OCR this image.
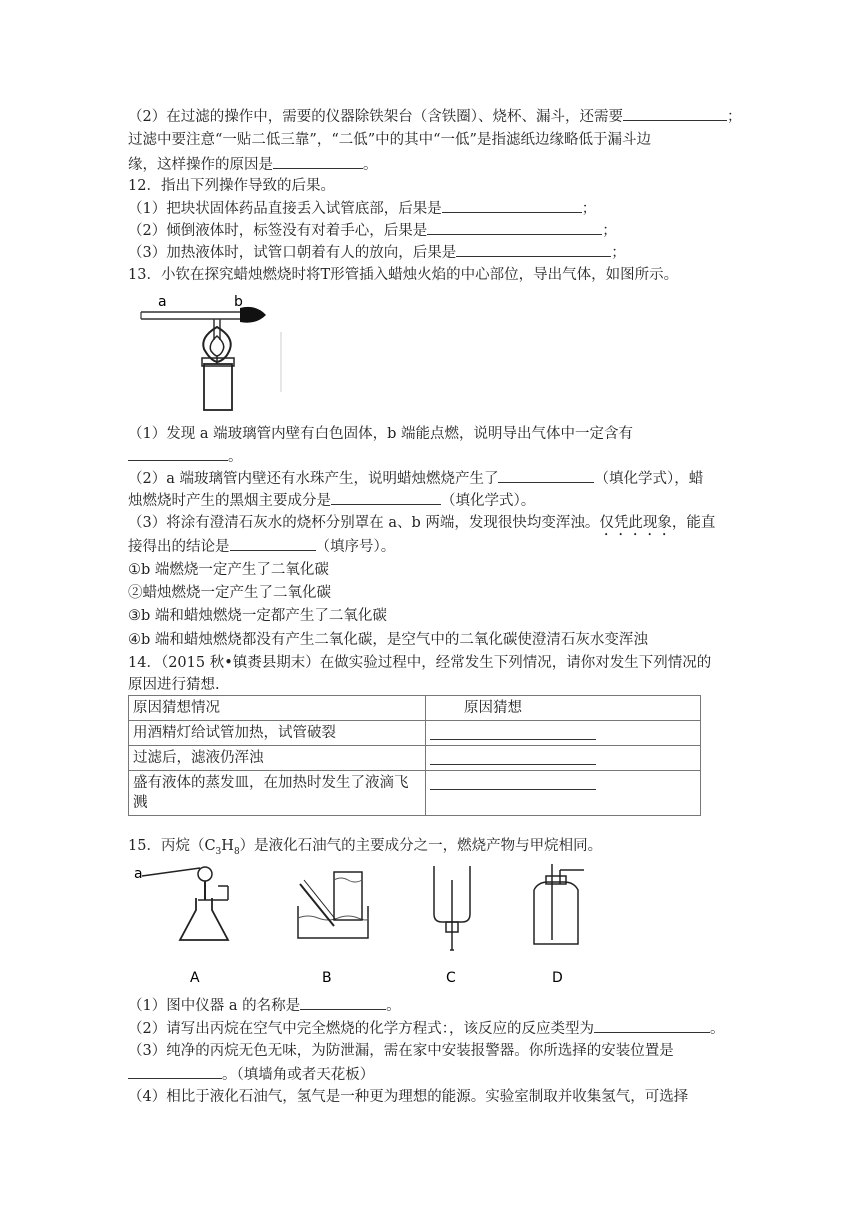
（2）在过滤的操作中，需要的仪器除铁架台（含铁圈）、烧杯、漏斗，还需要	；
过滤中要注意“一贴二低三靠”，“二低”中的其中“一低”是指滤纸边缘略低于漏斗边
缘，这样操作的原因是	。
12．指出下列操作导致的后果。
（1）把块状固体药品直接丢入试管底部，后果是	；
（2）倾倒液体时，标签没有对着手心，后果是	；
（3）加热液体时，试管口朝着有人的放向，后果是	；
13．小钦在探究蜡烛燃烧时将T形管插入蜡烛火焰的中心部位，导出气体，如图所示。
a	b
（1）发现 a 端玻璃管内壁有白色固体，b 端能点燃，说明导出气体中一定含有
。
（2）a 端玻璃管内壁还有水珠产生，说明蜡烛燃烧产生了	（填化学式），蜡
烛燃烧时产生的黑烟主要成分是	（填化学式）。
（3）将涂有澄清石灰水的烧杯分别罩在 a、b 两端，发现很快均变浑浊。仅凭此现象，能直
接得出的结论是	（填序号）。
①b 端燃烧一定产生了二氧化碳
②蜡烛燃烧一定产生了二氧化碳
③b 端和蜡烛燃烧一定都产生了二氧化碳
④b 端和蜡烛燃烧都没有产生二氧化碳，是空气中的二氧化碳使澄清石灰水变浑浊
14．（2015 秋•镇赉县期末）在做实验过程中，经常发生下列情况，请你对发生下列情况的
原因进行猜想.
原因猜想情况	原因猜想
用酒精灯给试管加热，试管破裂	

过滤后，滤液仍浑浊	

盛有液体的蒸发皿，在加热时发生了液滴飞溅	
15．丙烷$(C_3H_8)$是液化石油气的主要成分之一，燃烧产物与甲烷相同。
a
A	B	C	D
（1）图中仪器 a 的名称是	。
（2）请写出丙烷在空气中完全燃烧的化学方程式：，该反应的反应类型为	。
（3）纯净的丙烷无色无味，为防泄漏，需在家中安装报警器。你所选择的安装位置是
。（填墙角或者天花板）
（4）相比于液化石油气，氢气是一种更为理想的能源。实验室制取并收集氢气，可选择
